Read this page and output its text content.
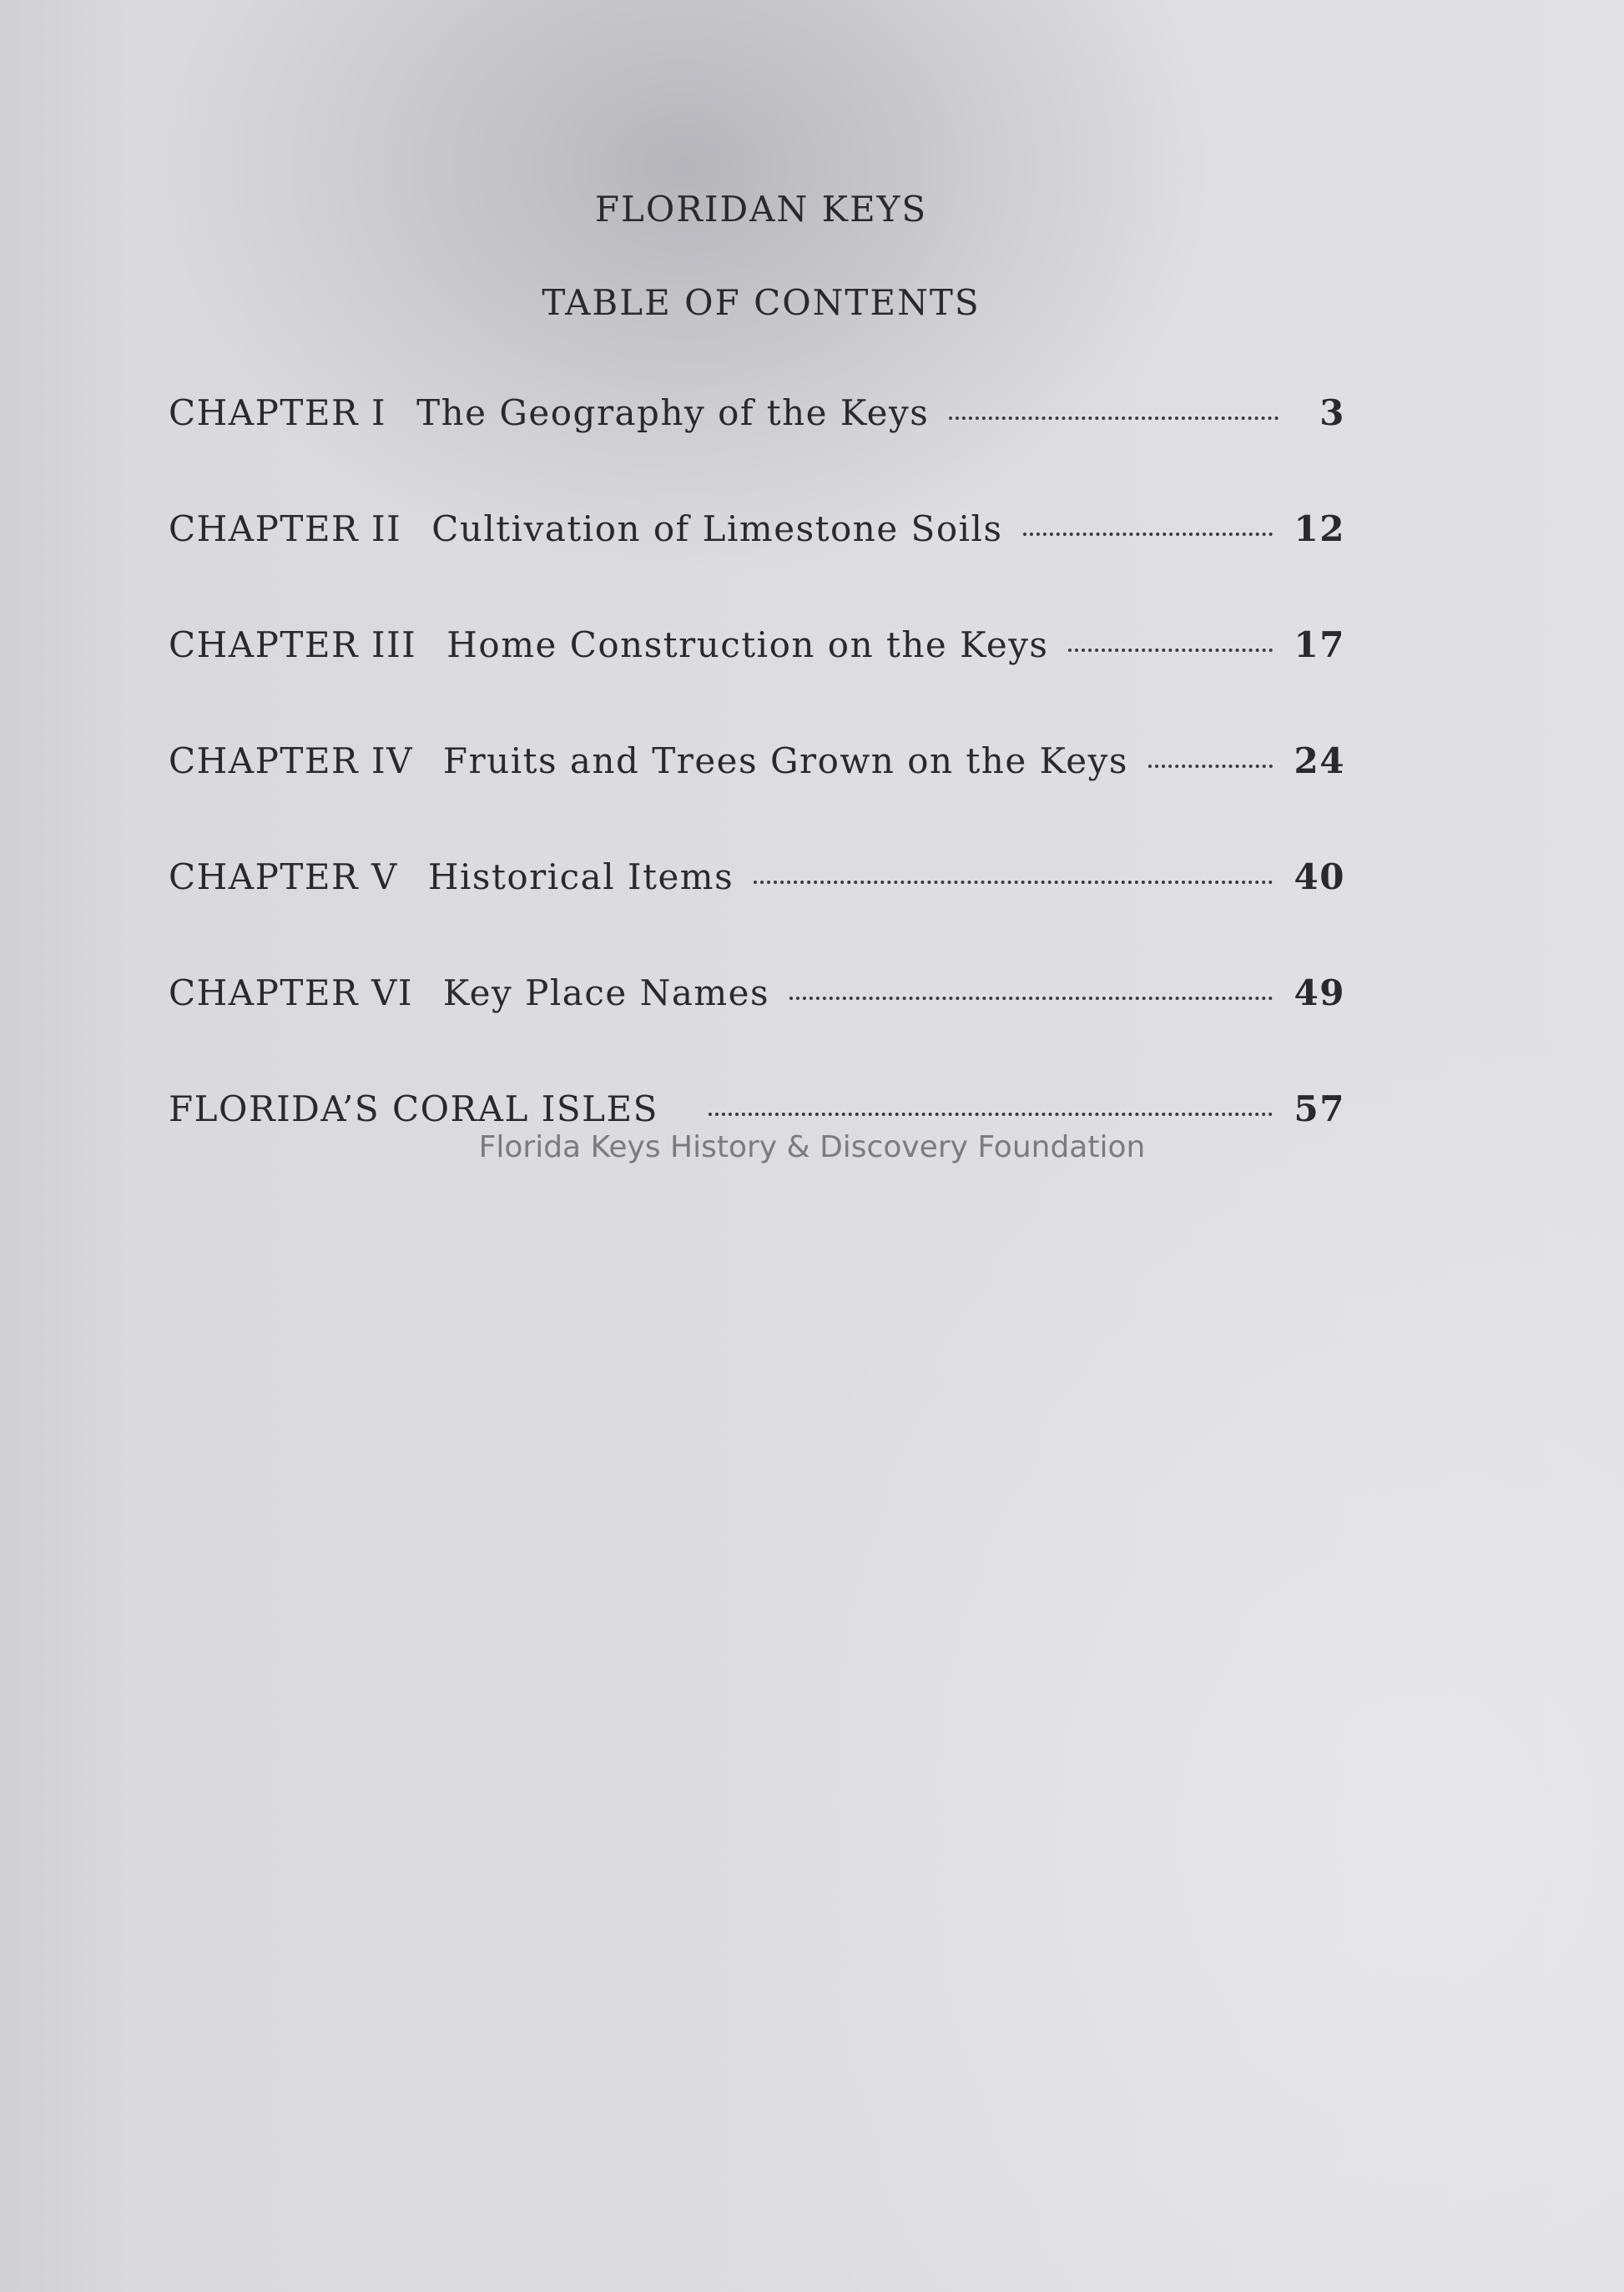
FLORIDAN KEYS
TABLE OF CONTENTS
CHAPTER I The Geography of the Keys	3
CHAPTER II Cultivation of Limestone Soils	12
CHAPTER III Home Construction on the Keys	17
CHAPTER IV Fruits and Trees Grown on the Keys	24
CHAPTER V Historical Items	40
CHAPTER VI Key Place Names	49
FLORIDA’S CORAL ISLES	57

Florida Keys History & Discovery Foundation
